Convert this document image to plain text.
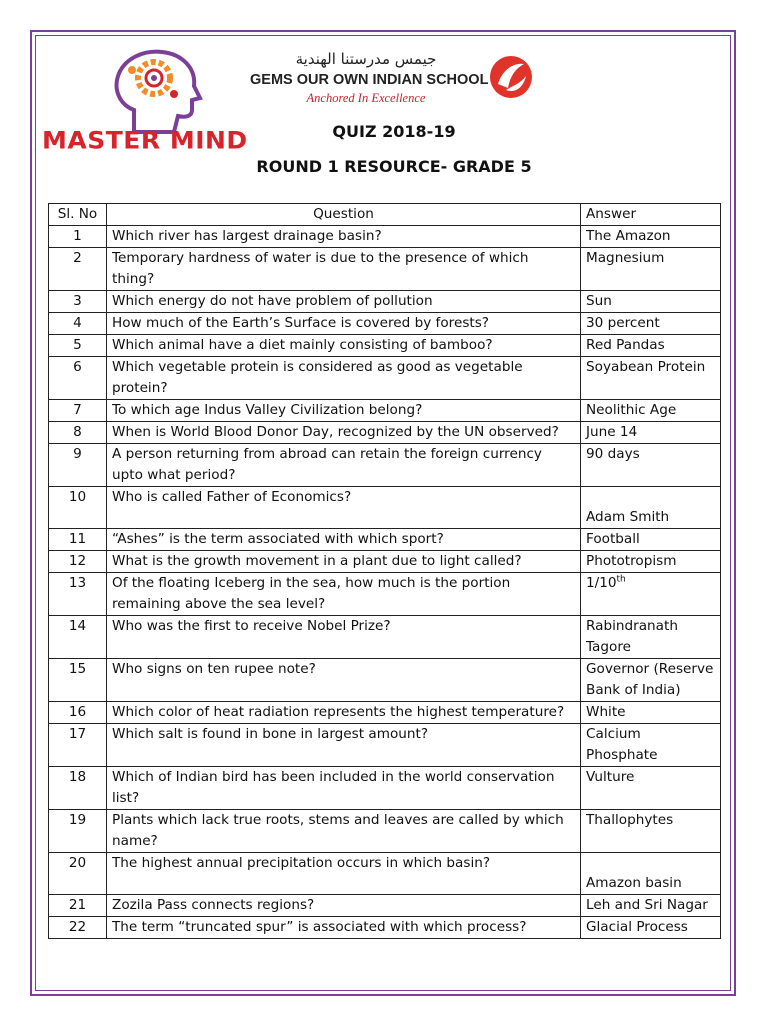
MASTER MIND
جيمس مدرستنا الهندية
GEMS OUR OWN INDIAN SCHOOL
Anchored In Excellence
QUIZ 2018-19
ROUND 1 RESOURCE- GRADE 5
Sl. No	Question	Answer
1	Which river has largest drainage basin?	The Amazon
2	Temporary hardness of water is due to the presence of which thing?	Magnesium
3	Which energy do not have problem of pollution	Sun
4	How much of the Earth’s Surface is covered by forests?	30 percent
5	Which animal have a diet mainly consisting of bamboo?	Red Pandas
6	Which vegetable protein is considered as good as vegetable protein?	Soyabean Protein
7	To which age Indus Valley Civilization belong?	Neolithic Age
8	When is World Blood Donor Day, recognized by the UN observed?	June 14
9	A person returning from abroad can retain the foreign currency upto what period?	90 days
10	Who is called Father of Economics?	Adam Smith
11	“Ashes” is the term associated with which sport?	Football
12	What is the growth movement in a plant due to light called?	Phototropism
13	Of the floating Iceberg in the sea, how much is the portion remaining above the sea level?	1/10th
14	Who was the first to receive Nobel Prize?	Rabindranath Tagore
15	Who signs on ten rupee note?	Governor (Reserve Bank of India)
16	Which color of heat radiation represents the highest temperature?	White
17	Which salt is found in bone in largest amount?	Calcium Phosphate
18	Which of Indian bird has been included in the world conservation list?	Vulture
19	Plants which lack true roots, stems and leaves are called by which name?	Thallophytes
20	The highest annual precipitation occurs in which basin?	Amazon basin
21	Zozila Pass connects regions?	Leh and Sri Nagar
22	The term “truncated spur” is associated with which process?	Glacial Process
